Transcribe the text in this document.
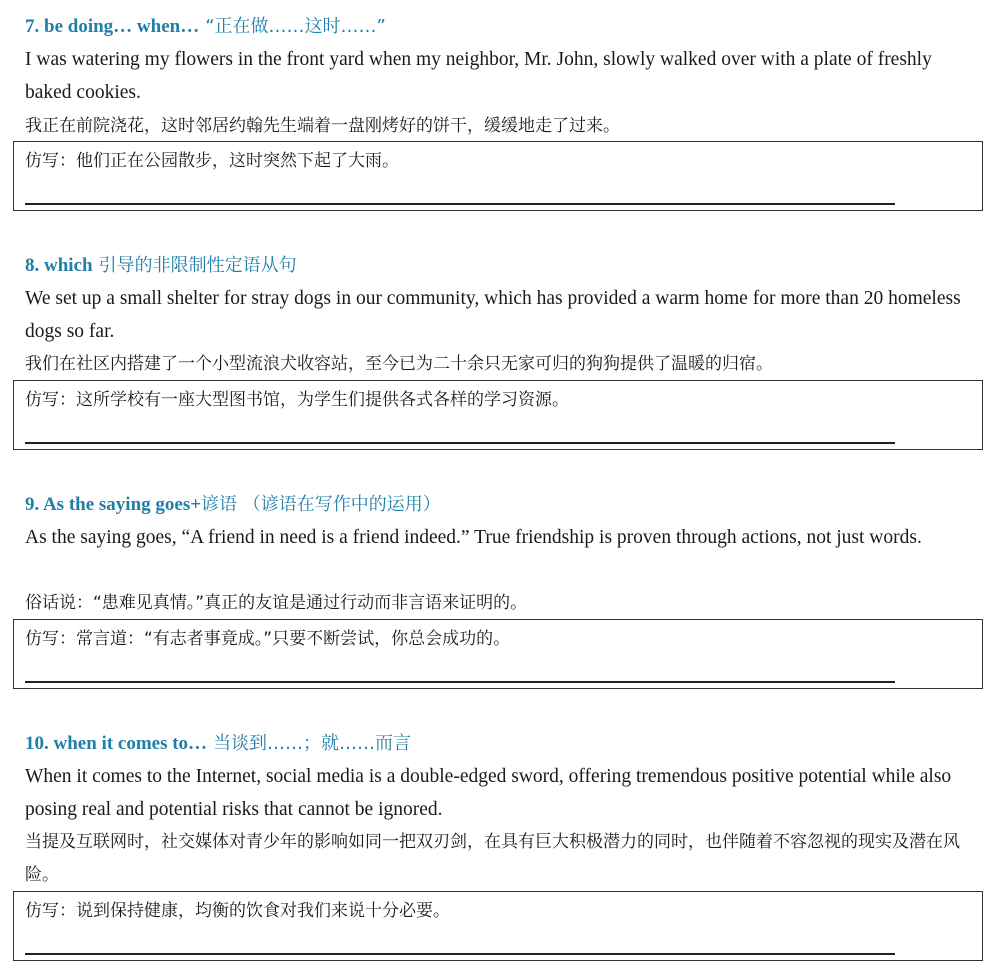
7. be doing… when… “正在做……这时……”
I was watering my flowers in the front yard when my neighbor, Mr. John, slowly walked over with a plate of freshly baked cookies.
我正在前院浇花，这时邻居约翰先生端着一盘刚烤好的饼干，缓缓地走了过来。
仿写：他们正在公园散步，这时突然下起了大雨。
8. which 引导的非限制性定语从句
We set up a small shelter for stray dogs in our community, which has provided a warm home for more than 20 homeless dogs so far.
我们在社区内搭建了一个小型流浪犬收容站，至今已为二十余只无家可归的狗狗提供了温暖的归宿。
仿写：这所学校有一座大型图书馆，为学生们提供各式各样的学习资源。
9. As the saying goes+谚语 （谚语在写作中的运用）
As the saying goes, “A friend in need is a friend indeed.” True friendship is proven through actions, not just words.
俗话说：“患难见真情。”真正的友谊是通过行动而非言语来证明的。
仿写：常言道：“有志者事竟成。”只要不断尝试，你总会成功的。
10. when it comes to… 当谈到……；就……而言
When it comes to the Internet, social media is a double-edged sword, offering tremendous positive potential while also posing real and potential risks that cannot be ignored.
当提及互联网时，社交媒体对青少年的影响如同一把双刃剑，在具有巨大积极潜力的同时，也伴随着不容忽视的现实及潜在风险。
仿写：说到保持健康，均衡的饮食对我们来说十分必要。
